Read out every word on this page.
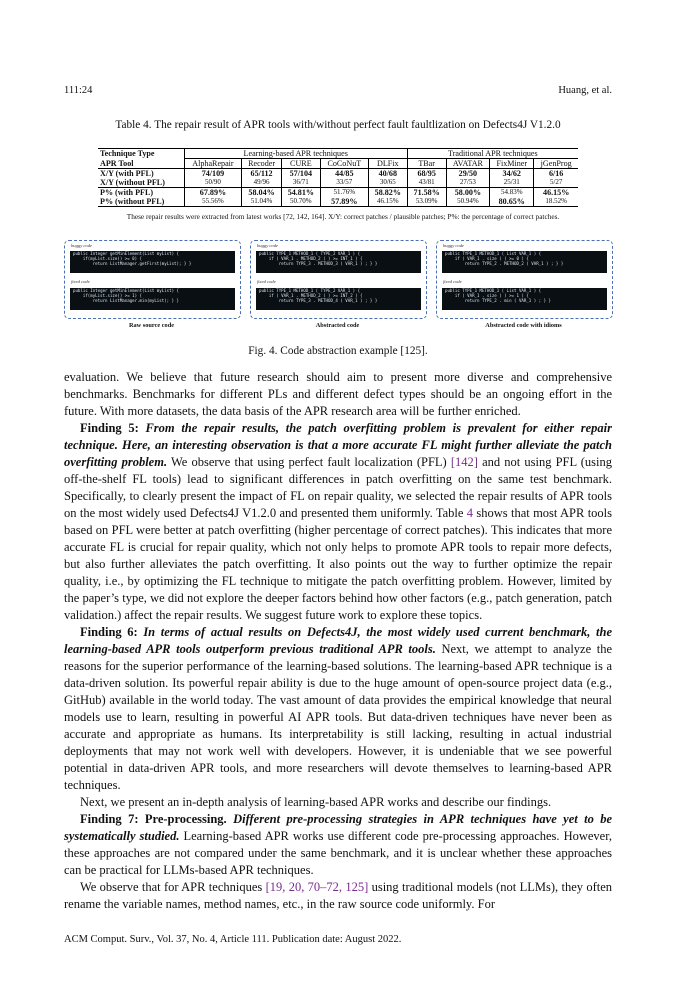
111:24	Huang, et al.
Table 4. The repair result of APR tools with/without perfect fault faultlization on Defects4J V1.2.0
Technique Type	Learning-based APR techniques					Traditional APR techniques			
APR Tool	AlphaRepair	Recoder	CURE	CoCoNuT	DLFix	TBar	AVATAR	FixMiner	jGenProg
X/Y (with PFL)	74/109	65/112	57/104	44/85	40/68	68/95	29/50	34/62	6/16
X/Y (without PFL)	50/90	49/96	36/71	33/57	30/65	43/81	27/53	25/31	5/27
P% (with PFL)	67.89%	58.04%	54.81%	51.76%	58.82%	71.58%	58.00%	54.83%	46.15%
P% (without PFL)	55.56%	51.04%	50.70%	57.89%	46.15%	53.09%	50.94%	80.65%	18.52%
These repair results were extracted from latest works [72, 142, 164]. X/Y: correct patches / plausible patches; P%: the percentage of correct patches.
buggy code
public Integer getMinElement(List myList) {
if(myList.size() >= 0) {
return ListManager.getFirst(myList); } }
fixed code
public Integer getMinElement(List myList) {
if(myList.size() >= 1) {
return ListManager.min(myList); } }
Raw source code
buggy code
public TYPE_1 METHOD_1 ( TYPE_2 VAR_1 ) {
if ( VAR_1 . METHOD_2 ( ) >= INT_1 ) {
return TYPE_3 . METHOD_3 ( VAR_1 ) ; } }
fixed code
public TYPE_1 METHOD_1 ( TYPE_2 VAR_1 ) {
if ( VAR_1 . METHOD_2 ( ) >= INT_2 ) {
return TYPE_3 . METHOD_4 ( VAR_1 ) ; } }
Abstracted code
buggy code
public TYPE_1 METHOD_1 ( List VAR_1 ) {
if ( VAR_1 . size ( ) >= 0 ) {
return TYPE_2 . METHOD_2 ( VAR_1 ) ; } }
fixed code
public TYPE_1 METHOD_1 ( List VAR_1 ) {
if ( VAR_1 . size ( ) >= 1 ) {
return TYPE_2 . min ( VAR_1 ) ; } }
Abstracted code with idioms
Fig. 4. Code abstraction example [125].

evaluation. We believe that future research should aim to present more diverse and comprehensive benchmarks. Benchmarks for different PLs and different defect types should be an ongoing effort in the future. With more datasets, the data basis of the APR research area will be further enriched.

Finding 5: From the repair results, the patch overfitting problem is prevalent for either repair technique. Here, an interesting observation is that a more accurate FL might further alleviate the patch overfitting problem. We observe that using perfect fault localization (PFL) [142] and not using PFL (using off-the-shelf FL tools) lead to significant differences in patch overfitting on the same test benchmark. Specifically, to clearly present the impact of FL on repair quality, we selected the repair results of APR tools on the most widely used Defects4J V1.2.0 and presented them uniformly. Table 4 shows that most APR tools based on PFL were better at patch overfitting (higher percentage of correct patches). This indicates that more accurate FL is crucial for repair quality, which not only helps to promote APR tools to repair more defects, but also further alleviates the patch overfitting. It also points out the way to further optimize the repair quality, i.e., by optimizing the FL technique to mitigate the patch overfitting problem. However, limited by the paper’s type, we did not explore the deeper factors behind how other factors (e.g., patch generation, patch validation.) affect the repair results. We suggest future work to explore these topics.

Finding 6: In terms of actual results on Defects4J, the most widely used current benchmark, the learning-based APR tools outperform previous traditional APR tools. Next, we attempt to analyze the reasons for the superior performance of the learning-based solutions. The learning-based APR technique is a data-driven solution. Its powerful repair ability is due to the huge amount of open-source project data (e.g., GitHub) available in the world today. The vast amount of data provides the empirical knowledge that neural models use to learn, resulting in powerful AI APR tools. But data-driven techniques have never been as accurate and appropriate as humans. Its interpretability is still lacking, resulting in actual industrial deployments that may not work well with developers. However, it is undeniable that we see powerful potential in data-driven APR tools, and more researchers will devote themselves to learning-based APR techniques.

Next, we present an in-depth analysis of learning-based APR works and describe our findings.

Finding 7: Pre-processing. Different pre-processing strategies in APR techniques have yet to be systematically studied. Learning-based APR works use different code pre-processing approaches. However, these approaches are not compared under the same benchmark, and it is unclear whether these approaches can be practical for LLMs-based APR techniques.

We observe that for APR techniques [19, 20, 70–72, 125] using traditional models (not LLMs), they often rename the variable names, method names, etc., in the raw source code uniformly. For

ACM Comput. Surv., Vol. 37, No. 4, Article 111. Publication date: August 2022.
